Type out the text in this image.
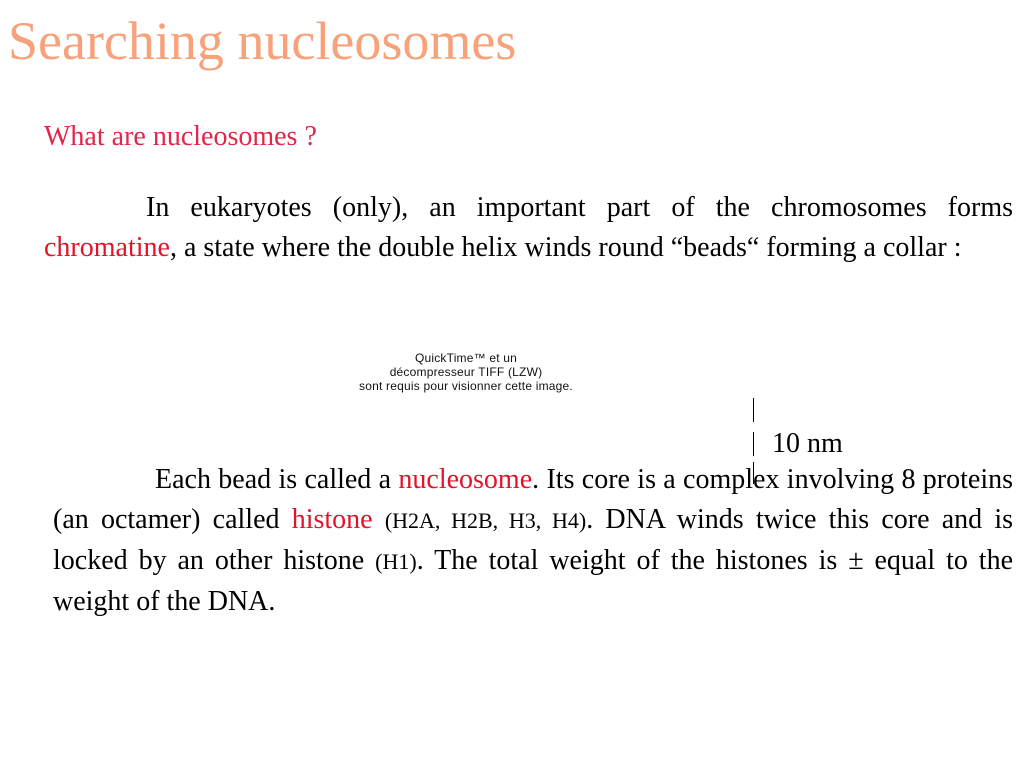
Searching nucleosomes
What are nucleosomes ?

In eukaryotes (only), an important part of the chromosomes forms chromatine, a state where the double helix winds round “beads“ forming a collar :

QuickTime™ et un
décompresseur TIFF (LZW)
sont requis pour visionner cette image.
10 nm

Each bead is called a nucleosome. Its core is a complex involving 8 proteins (an octamer) called histone (H2A, H2B, H3, H4). DNA winds twice this core and is locked by an other histone (H1). The total weight of the histones is ± equal to the weight of the DNA.
